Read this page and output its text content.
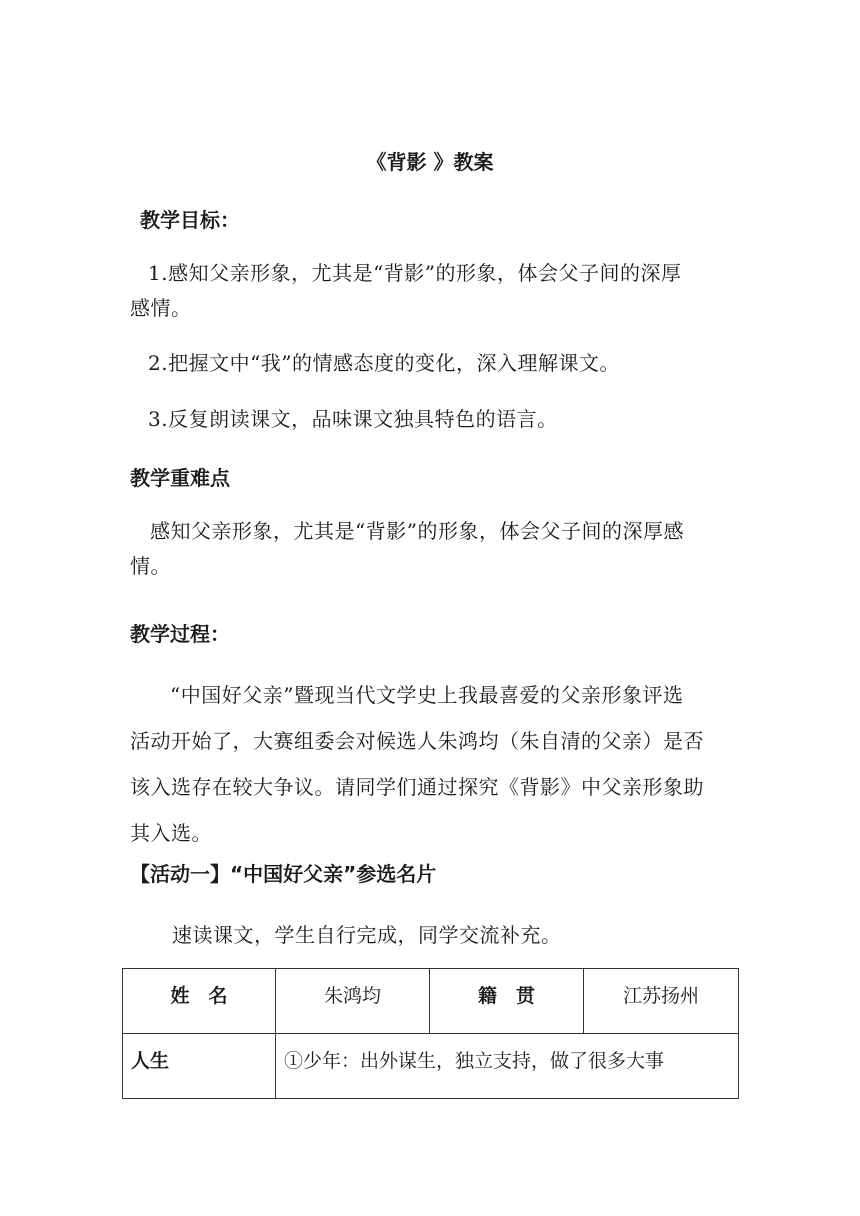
《背影 》教案
教学目标：
1.感知父亲形象，尤其是“背影”的形象，体会父子间的深厚
感情。
2.把握文中“我”的情感态度的变化，深入理解课文。
3.反复朗读课文，品味课文独具特色的语言。
教学重难点
感知父亲形象，尤其是“背影”的形象，体会父子间的深厚感
情。
教学过程：
“中国好父亲”暨现当代文学史上我最喜爱的父亲形象评选
活动开始了，大赛组委会对候选人朱鸿均（朱自清的父亲）是否
该入选存在较大争议。请同学们通过探究《背影》中父亲形象助
其入选。
【活动一】“中国好父亲”参选名片
速读课文，学生自行完成，同学交流补充。
姓　名	朱鸿均	籍　贯	江苏扬州
人生	①少年：出外谋生，独立支持，做了很多大事		
